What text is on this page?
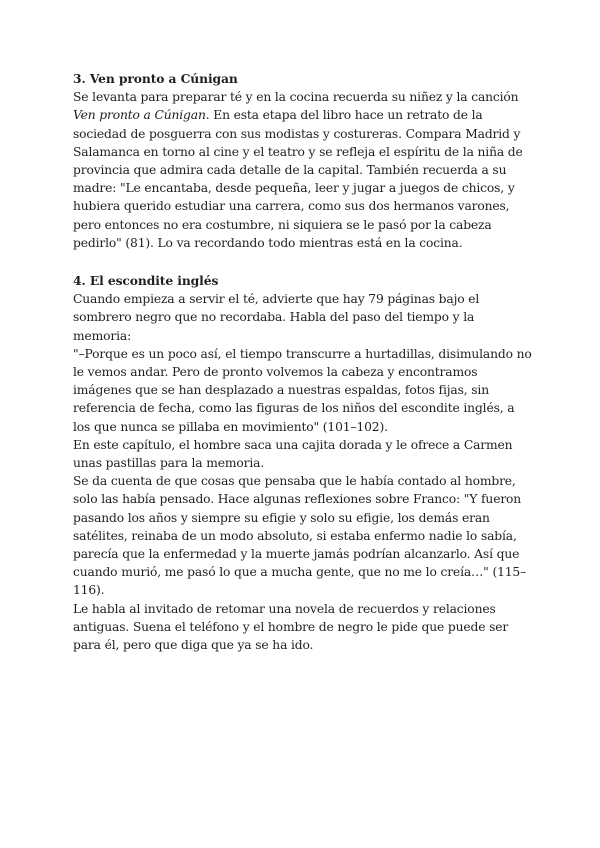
3. Ven pronto a Cúnigan

Se levanta para preparar té y en la cocina recuerda su niñez y la canción Ven pronto a Cúnigan. En esta etapa del libro hace un retrato de la sociedad de posguerra con sus modistas y costureras. Compara Madrid y Salamanca en torno al cine y el teatro y se refleja el espíritu de la niña de provincia que admira cada detalle de la capital. También recuerda a su madre: "Le encantaba, desde pequeña, leer y jugar a juegos de chicos, y hubiera querido estudiar una carrera, como sus dos hermanos varones, pero entonces no era costumbre, ni siquiera se le pasó por la cabeza pedirlo" (81). Lo va recordando todo mientras está en la cocina.

4. El escondite inglés

Cuando empieza a servir el té, advierte que hay 79 páginas bajo el sombrero negro que no recordaba. Habla del paso del tiempo y la memoria:

"–Porque es un poco así, el tiempo transcurre a hurtadillas, disimulando no le vemos andar. Pero de pronto volvemos la cabeza y encontramos imágenes que se han desplazado a nuestras espaldas, fotos fijas, sin referencia de fecha, como las figuras de los niños del escondite inglés, a los que nunca se pillaba en movimiento" (101–102).

En este capítulo, el hombre saca una cajita dorada y le ofrece a Carmen unas pastillas para la memoria.

Se da cuenta de que cosas que pensaba que le había contado al hombre, solo las había pensado. Hace algunas reflexiones sobre Franco: "Y fueron pasando los años y siempre su efigie y solo su efigie, los demás eran satélites, reinaba de un modo absoluto, si estaba enfermo nadie lo sabía, parecía que la enfermedad y la muerte jamás podrían alcanzarlo. Así que cuando murió, me pasó lo que a mucha gente, que no me lo creía…" (115–116).

Le habla al invitado de retomar una novela de recuerdos y relaciones antiguas. Suena el teléfono y el hombre de negro le pide que puede ser para él, pero que diga que ya se ha ido.
